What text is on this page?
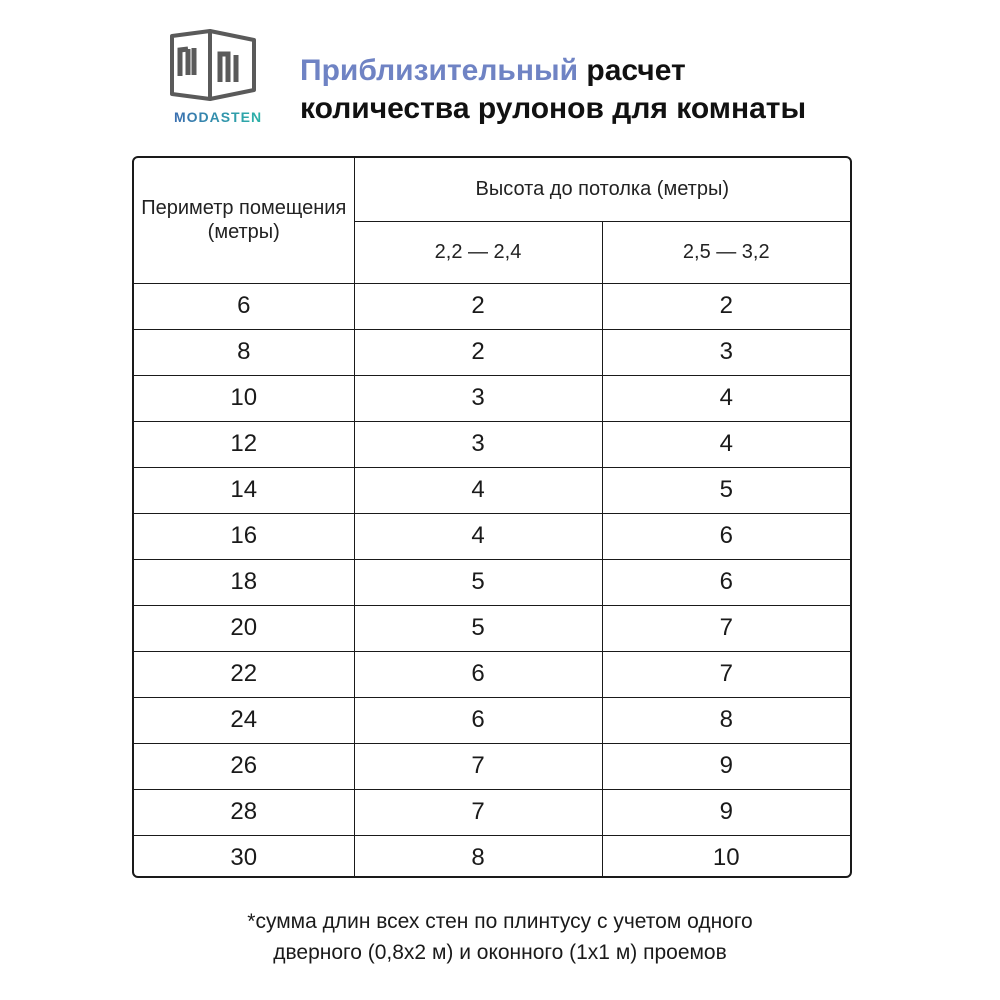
MODASTEN
Приблизительный расчет
количества рулонов для комнаты
Периметр помещения (метры)	Высота до потолка (метры)	
	2,2 — 2,4	2,5 — 3,2
6	2	2
8	2	3
10	3	4
12	3	4
14	4	5
16	4	6
18	5	6
20	5	7
22	6	7
24	6	8
26	7	9
28	7	9
30	8	10
*сумма длин всех стен по плинтусу с учетом одного
дверного (0,8х2 м) и оконного (1х1 м) проемов
